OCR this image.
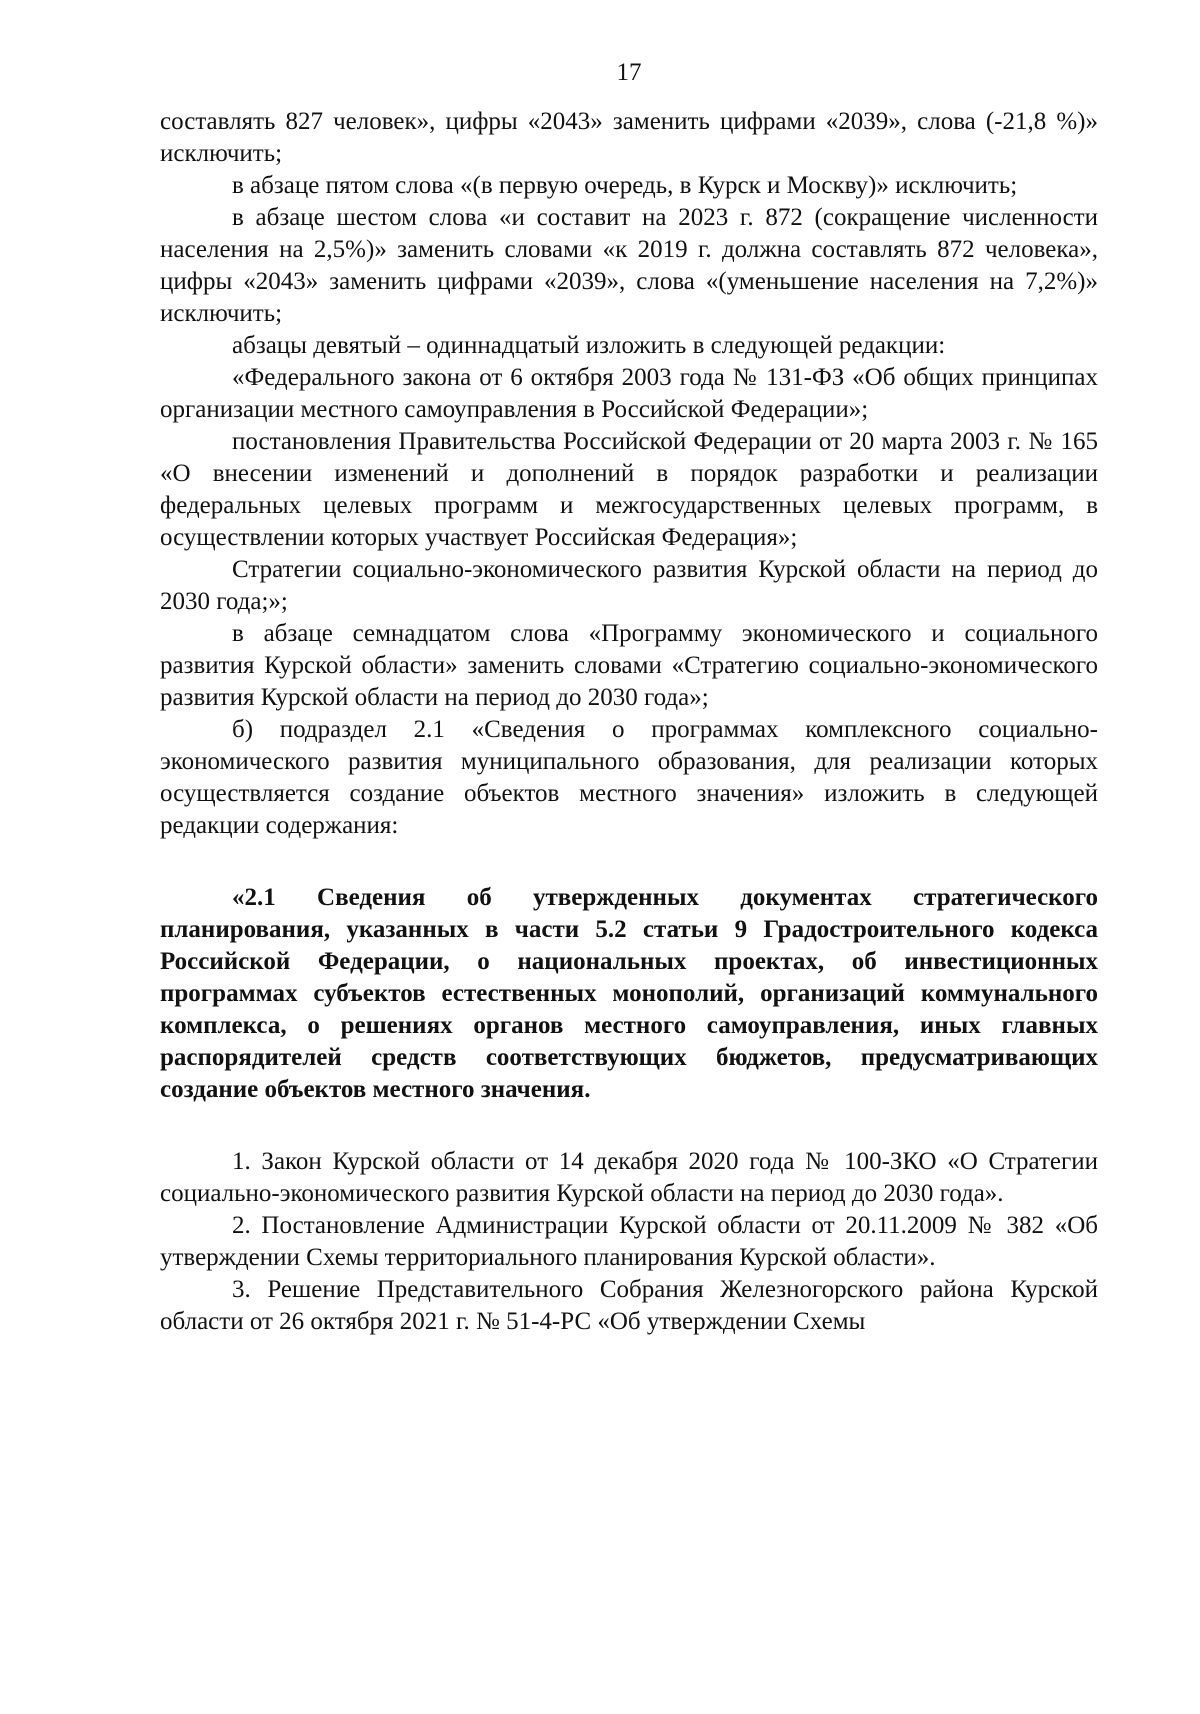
17

составлять 827 человек», цифры «2043» заменить цифрами «2039», слова (-21,8 %)» исключить;

в абзаце пятом слова «(в первую очередь, в Курск и Москву)» исключить;

в абзаце шестом слова «и составит на 2023 г. 872 (сокращение численности населения на 2,5%)» заменить словами «к 2019 г. должна составлять 872 человека», цифры «2043» заменить цифрами «2039», слова «(уменьшение населения на 7,2%)» исключить;

абзацы девятый – одиннадцатый изложить в следующей редакции:

«Федерального закона от 6 октября 2003 года № 131-ФЗ «Об общих принципах организации местного самоуправления в Российской Федерации»;

постановления Правительства Российской Федерации от 20 марта 2003 г. № 165 «О внесении изменений и дополнений в порядок разработки и реализации федеральных целевых программ и межгосударственных целевых программ, в осуществлении которых участвует Российская Федерация»;

Стратегии социально-экономического развития Курской области на период до 2030 года;»;

в абзаце семнадцатом слова «Программу экономического и социального развития Курской области» заменить словами «Стратегию социально-экономического развития Курской области на период до 2030 года»;

б) подраздел 2.1 «Сведения о программах комплексного социально-экономического развития муниципального образования, для реализации которых осуществляется создание объектов местного значения» изложить в следующей редакции содержания:

«2.1 Сведения об утвержденных документах стратегического планирования, указанных в части 5.2 статьи 9 Градостроительного кодекса Российской Федерации, о национальных проектах, об инвестиционных программах субъектов естественных монополий, организаций коммунального комплекса, о решениях органов местного самоуправления, иных главных распорядителей средств соответствующих бюджетов, предусматривающих создание объектов местного значения.

1. Закон Курской области от 14 декабря 2020 года № 100-ЗКО «О Стратегии социально-экономического развития Курской области на период до 2030 года».

2. Постановление Администрации Курской области от 20.11.2009 № 382 «Об утверждении Схемы территориального планирования Курской области».

3. Решение Представительного Собрания Железногорского района Курской области от 26 октября 2021 г. № 51-4-РС «Об утверждении Схемы
